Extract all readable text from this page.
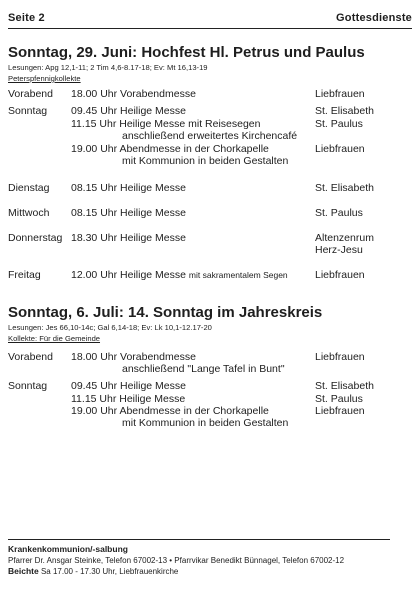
Seite 2	Gottesdienste
Sonntag, 29. Juni: Hochfest Hl. Petrus und Paulus
Lesungen: Apg 12,1-11; 2 Tim 4,6-8.17-18; Ev: Mt 16,13-19
Peterspfennigkollekte
Vorabend 18.00 Uhr Vorabendmesse	Liebfrauen
Sonntag 09.45 Uhr Heilige Messe	St. Elisabeth
11.15 Uhr Heilige Messe mit Reisesegen	St. Paulus
anschließend erweitertes Kirchencafé
19.00 Uhr Abendmesse in der Chorkapelle	Liebfrauen
mit Kommunion in beiden Gestalten
Dienstag 08.15 Uhr Heilige Messe	St. Elisabeth
Mittwoch 08.15 Uhr Heilige Messe	St. Paulus
Donnerstag 18.30 Uhr Heilige Messe	Altenzenrum
Herz-Jesu
Freitag	12.00 Uhr Heilige Messe mit sakramentalem Segen	Liebfrauen
Sonntag, 6. Juli: 14. Sonntag im Jahreskreis
Lesungen: Jes 66,10-14c; Gal 6,14-18; Ev: Lk 10,1-12.17-20
Kollekte: Für die Gemeinde
Vorabend 18.00 Uhr Vorabendmesse	Liebfrauen
anschließend "Lange Tafel in Bunt"
Sonntag 09.45 Uhr Heilige Messe	St. Elisabeth
11.15 Uhr Heilige Messe	St. Paulus
19.00 Uhr Abendmesse in der Chorkapelle	Liebfrauen
mit Kommunion in beiden Gestalten
Krankenkommunion/-salbung
Pfarrer Dr. Ansgar Steinke, Telefon 67002-13 • Pfarrvikar Benedikt Bünnagel, Telefon 67002-12
Beichte Sa 17.00 - 17.30 Uhr, Liebfrauenkirche
